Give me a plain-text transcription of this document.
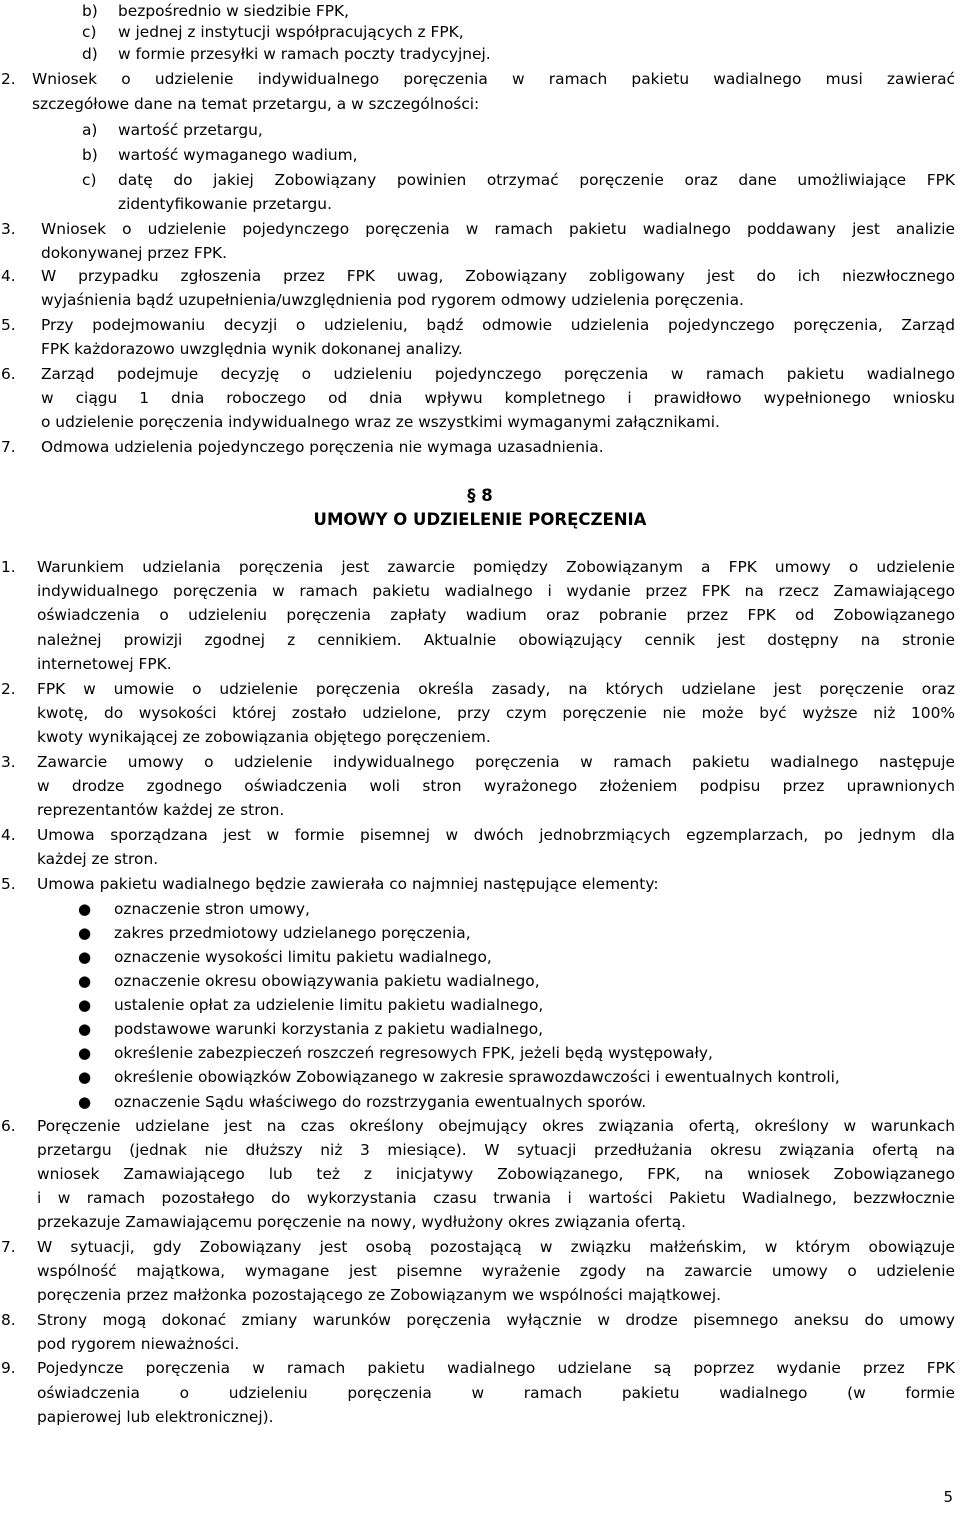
b) bezpośrednio w siedzibie FPK,
c) w jednej z instytucji współpracujących z FPK,
d) w formie przesyłki w ramach poczty tradycyjnej.
2. Wniosek o udzielenie indywidualnego poręczenia w ramach pakietu wadialnego musi zawierać
szczegółowe dane na temat przetargu, a w szczególności:
a) wartość przetargu,
b) wartość wymaganego wadium,
c) datę do jakiej Zobowiązany powinien otrzymać poręczenie oraz dane umożliwiające FPK
zidentyfikowanie przetargu.
3. Wniosek o udzielenie pojedynczego poręczenia w ramach pakietu wadialnego poddawany jest analizie
dokonywanej przez FPK.
4. W przypadku zgłoszenia przez FPK uwag, Zobowiązany zobligowany jest do ich niezwłocznego
wyjaśnienia bądź uzupełnienia/uwzględnienia pod rygorem odmowy udzielenia poręczenia.
5. Przy podejmowaniu decyzji o udzieleniu, bądź odmowie udzielenia pojedynczego poręczenia, Zarząd
FPK każdorazowo uwzględnia wynik dokonanej analizy.
6. Zarząd podejmuje decyzję o udzieleniu pojedynczego poręczenia w ramach pakietu wadialnego
w ciągu 1 dnia roboczego od dnia wpływu kompletnego i prawidłowo wypełnionego wniosku
o udzielenie poręczenia indywidualnego wraz ze wszystkimi wymaganymi załącznikami.
7. Odmowa udzielenia pojedynczego poręczenia nie wymaga uzasadnienia.
§ 8
UMOWY O UDZIELENIE PORĘCZENIA
1. Warunkiem udzielania poręczenia jest zawarcie pomiędzy Zobowiązanym a FPK umowy o udzielenie
indywidualnego poręczenia w ramach pakietu wadialnego i wydanie przez FPK na rzecz Zamawiającego
oświadczenia o udzieleniu poręczenia zapłaty wadium oraz pobranie przez FPK od Zobowiązanego
należnej prowizji zgodnej z cennikiem. Aktualnie obowiązujący cennik jest dostępny na stronie
internetowej FPK.
2. FPK w umowie o udzielenie poręczenia określa zasady, na których udzielane jest poręczenie oraz
kwotę, do wysokości której zostało udzielone, przy czym poręczenie nie może być wyższe niż 100%
kwoty wynikającej ze zobowiązania objętego poręczeniem.
3. Zawarcie umowy o udzielenie indywidualnego poręczenia w ramach pakietu wadialnego następuje
w drodze zgodnego oświadczenia woli stron wyrażonego złożeniem podpisu przez uprawnionych
reprezentantów każdej ze stron.
4. Umowa sporządzana jest w formie pisemnej w dwóch jednobrzmiących egzemplarzach, po jednym dla
każdej ze stron.
5. Umowa pakietu wadialnego będzie zawierała co najmniej następujące elementy:
● oznaczenie stron umowy,
● zakres przedmiotowy udzielanego poręczenia,
● oznaczenie wysokości limitu pakietu wadialnego,
● oznaczenie okresu obowiązywania pakietu wadialnego,
● ustalenie opłat za udzielenie limitu pakietu wadialnego,
● podstawowe warunki korzystania z pakietu wadialnego,
● określenie zabezpieczeń roszczeń regresowych FPK, jeżeli będą występowały,
● określenie obowiązków Zobowiązanego w zakresie sprawozdawczości i ewentualnych kontroli,
● oznaczenie Sądu właściwego do rozstrzygania ewentualnych sporów.
6. Poręczenie udzielane jest na czas określony obejmujący okres związania ofertą, określony w warunkach
przetargu (jednak nie dłuższy niż 3 miesiące). W sytuacji przedłużania okresu związania ofertą na
wniosek Zamawiającego lub też z inicjatywy Zobowiązanego, FPK, na wniosek Zobowiązanego
i w ramach pozostałego do wykorzystania czasu trwania i wartości Pakietu Wadialnego, bezzwłocznie
przekazuje Zamawiającemu poręczenie na nowy, wydłużony okres związania ofertą.
7. W sytuacji, gdy Zobowiązany jest osobą pozostającą w związku małżeńskim, w którym obowiązuje
wspólność majątkowa, wymagane jest pisemne wyrażenie zgody na zawarcie umowy o udzielenie
poręczenia przez małżonka pozostającego ze Zobowiązanym we wspólności majątkowej.
8. Strony mogą dokonać zmiany warunków poręczenia wyłącznie w drodze pisemnego aneksu do umowy
pod rygorem nieważności.
9. Pojedyncze poręczenia w ramach pakietu wadialnego udzielane są poprzez wydanie przez FPK
oświadczenia o udzieleniu poręczenia w ramach pakietu wadialnego (w formie
papierowej lub elektronicznej).
5
